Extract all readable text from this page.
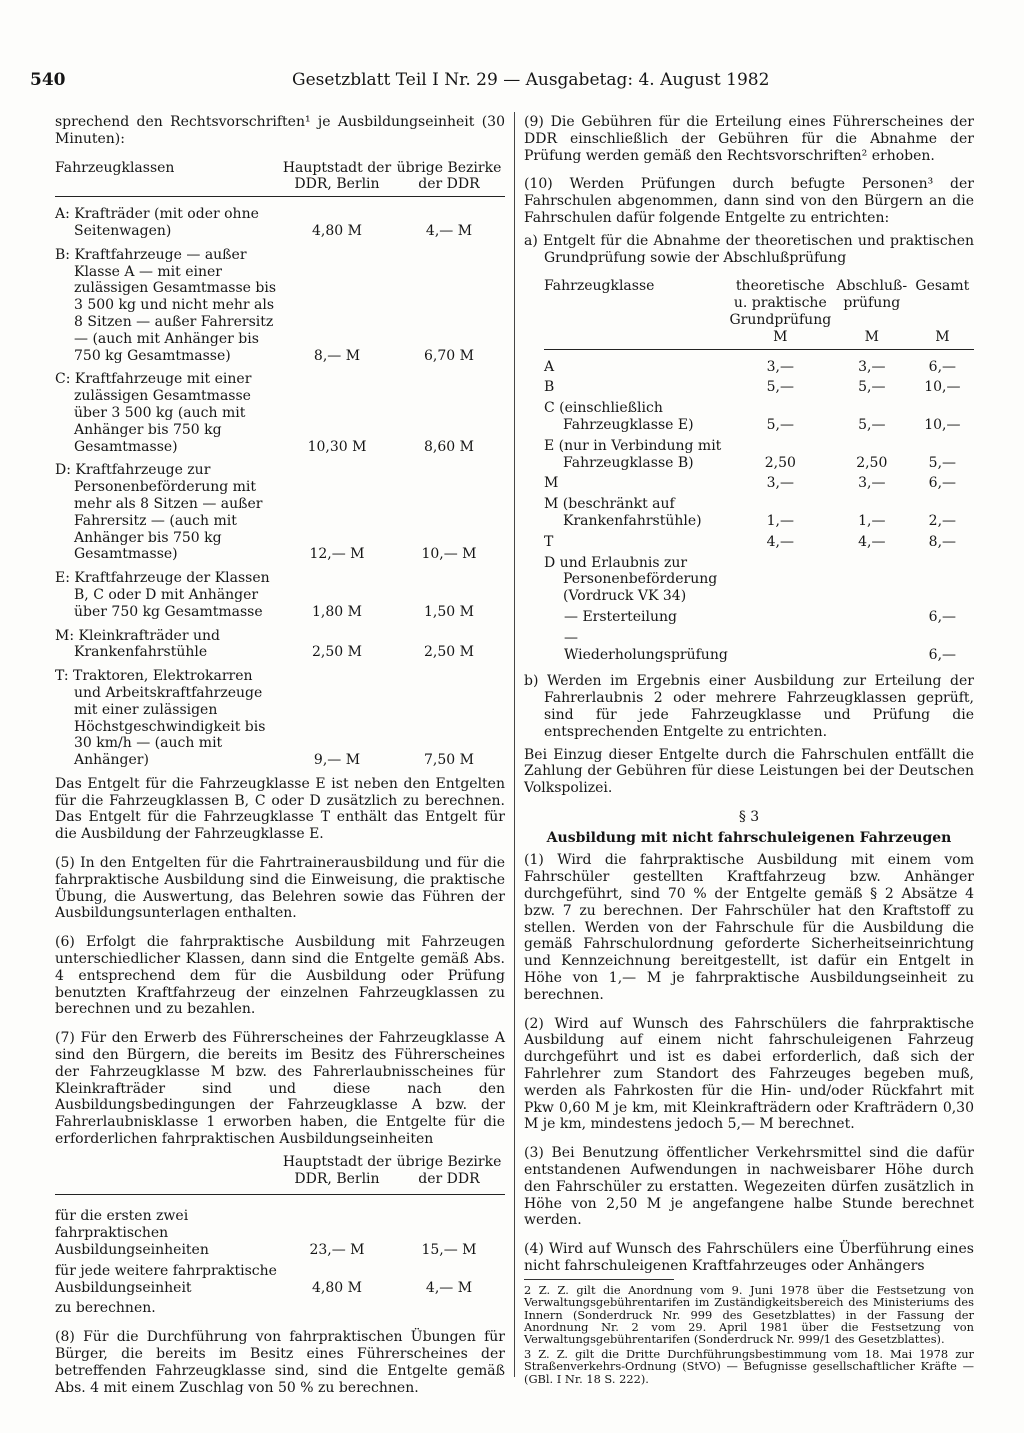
540	Gesetzblatt Teil I Nr. 29 — Ausgabetag: 4. August 1982
sprechend den Rechtsvorschriften¹ je Ausbildungseinheit (30 Minuten):
Fahrzeugklassen	Hauptstadt der DDR, Berlin	übrige Bezirke der DDR

A: Krafträder (mit oder ohne Seitenwagen)	4,80 M	4,— M

B: Kraftfahrzeuge — außer Klasse A — mit einer zulässigen Gesamtmasse bis 3 500 kg und nicht mehr als 8 Sitzen — außer Fahrersitz — (auch mit Anhänger bis 750 kg Gesamtmasse)	8,— M	6,70 M

C: Kraftfahrzeuge mit einer zulässigen Gesamtmasse über 3 500 kg (auch mit Anhänger bis 750 kg Gesamtmasse)	10,30 M	8,60 M

D: Kraftfahrzeuge zur Personenbeförderung mit mehr als 8 Sitzen — außer Fahrersitz — (auch mit Anhänger bis 750 kg Gesamtmasse)	12,— M	10,— M

E: Kraftfahrzeuge der Klassen B, C oder D mit Anhänger über 750 kg Gesamtmasse	1,80 M	1,50 M

M: Kleinkrafträder und Krankenfahrstühle	2,50 M	2,50 M

T: Traktoren, Elektrokarren und Arbeitskraftfahrzeuge mit einer zulässigen Höchstgeschwindigkeit bis 30 km/h — (auch mit Anhänger)	9,— M	7,50 M
Das Entgelt für die Fahrzeugklasse E ist neben den Entgelten für die Fahrzeugklassen B, C oder D zusätzlich zu berechnen. Das Entgelt für die Fahrzeugklasse T enthält das Entgelt für die Ausbildung der Fahrzeugklasse E.
(5) In den Entgelten für die Fahrtrainerausbildung und für die fahrpraktische Ausbildung sind die Einweisung, die praktische Übung, die Auswertung, das Belehren sowie das Führen der Ausbildungsunterlagen enthalten.
(6) Erfolgt die fahrpraktische Ausbildung mit Fahrzeugen unterschiedlicher Klassen, dann sind die Entgelte gemäß Abs. 4 entsprechend dem für die Ausbildung oder Prüfung benutzten Kraftfahrzeug der einzelnen Fahrzeugklassen zu berechnen und zu bezahlen.
(7) Für den Erwerb des Führerscheines der Fahrzeugklasse A sind den Bürgern, die bereits im Besitz des Führerscheines der Fahrzeugklasse M bzw. des Fahrerlaubnisscheines für Kleinkrafträder sind und diese nach den Ausbildungsbedingungen der Fahrzeugklasse A bzw. der Fahrerlaubnisklasse 1 erworben haben, die Entgelte für die erforderlichen fahrpraktischen Ausbildungseinheiten
	Hauptstadt der DDR, Berlin	übrige Bezirke der DDR

für die ersten zwei fahrpraktischen Ausbildungseinheiten	23,— M	15,— M
für jede weitere fahrpraktische Ausbildungseinheit	4,80 M	4,— M
zu berechnen.
(8) Für die Durchführung von fahrpraktischen Übungen für Bürger, die bereits im Besitz eines Führerscheines der betreffenden Fahrzeugklasse sind, sind die Entgelte gemäß Abs. 4 mit einem Zuschlag von 50 % zu berechnen.
(9) Die Gebühren für die Erteilung eines Führerscheines der DDR einschließlich der Gebühren für die Abnahme der Prüfung werden gemäß den Rechtsvorschriften² erhoben.
(10) Werden Prüfungen durch befugte Personen³ der Fahrschulen abgenommen, dann sind von den Bürgern an die Fahrschulen dafür folgende Entgelte zu entrichten:
a) Entgelt für die Abnahme der theoretischen und praktischen Grundprüfung sowie der Abschlußprüfung
Fahrzeugklasse	theoretische u. praktische Grundprüfung	Abschluß-prüfung	Gesamt
	M	M	M

A	3,—	3,—	6,—
B	5,—	5,—	10,—

C (einschließlich Fahrzeugklasse E)	5,—	5,—	10,—

E (nur in Verbindung mit Fahrzeugklasse B)	2,50	2,50	5,—
M	3,—	3,—	6,—

M (beschränkt auf Krankenfahrstühle)	1,—	1,—	2,—
T	4,—	4,—	8,—

D und Erlaubnis zur Personenbeförderung (Vordruck VK 34)			

— Ersterteilung			6,—
— Wiederholungsprüfung			6,—
b) Werden im Ergebnis einer Ausbildung zur Erteilung der Fahrerlaubnis 2 oder mehrere Fahrzeugklassen geprüft, sind für jede Fahrzeugklasse und Prüfung die entsprechenden Entgelte zu entrichten.
Bei Einzug dieser Entgelte durch die Fahrschulen entfällt die Zahlung der Gebühren für diese Leistungen bei der Deutschen Volkspolizei.
§ 3
Ausbildung mit nicht fahrschuleigenen Fahrzeugen
(1) Wird die fahrpraktische Ausbildung mit einem vom Fahrschüler gestellten Kraftfahrzeug bzw. Anhänger durchgeführt, sind 70 % der Entgelte gemäß § 2 Absätze 4 bzw. 7 zu berechnen. Der Fahrschüler hat den Kraftstoff zu stellen. Werden von der Fahrschule für die Ausbildung die gemäß Fahrschulordnung geforderte Sicherheitseinrichtung und Kennzeichnung bereitgestellt, ist dafür ein Entgelt in Höhe von 1,— M je fahrpraktische Ausbildungseinheit zu berechnen.
(2) Wird auf Wunsch des Fahrschülers die fahrpraktische Ausbildung auf einem nicht fahrschuleigenen Fahrzeug durchgeführt und ist es dabei erforderlich, daß sich der Fahrlehrer zum Standort des Fahrzeuges begeben muß, werden als Fahrkosten für die Hin- und/oder Rückfahrt mit Pkw 0,60 M je km, mit Kleinkrafträdern oder Krafträdern 0,30 M je km, mindestens jedoch 5,— M berechnet.
(3) Bei Benutzung öffentlicher Verkehrsmittel sind die dafür entstandenen Aufwendungen in nachweisbarer Höhe durch den Fahrschüler zu erstatten. Wegezeiten dürfen zusätzlich in Höhe von 2,50 M je angefangene halbe Stunde berechnet werden.
(4) Wird auf Wunsch des Fahrschülers eine Überführung eines nicht fahrschuleigenen Kraftfahrzeuges oder Anhängers
2 Z. Z. gilt die Anordnung vom 9. Juni 1978 über die Festsetzung von Verwaltungsgebührentarifen im Zuständigkeitsbereich des Ministeriums des Innern (Sonderdruck Nr. 999 des Gesetzblattes) in der Fassung der Anordnung Nr. 2 vom 29. April 1981 über die Festsetzung von Verwaltungsgebührentarifen (Sonderdruck Nr. 999/1 des Gesetzblattes).
3 Z. Z. gilt die Dritte Durchführungsbestimmung vom 18. Mai 1978 zur Straßenverkehrs-Ordnung (StVO) — Befugnisse gesellschaftlicher Kräfte — (GBl. I Nr. 18 S. 222).
